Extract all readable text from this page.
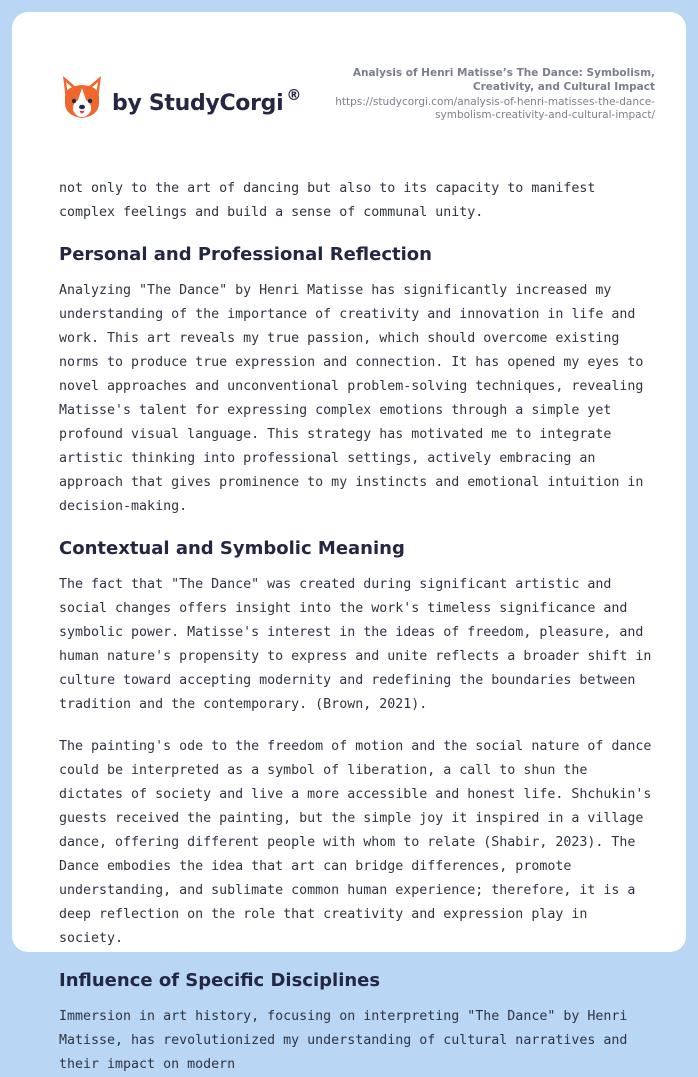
by StudyCorgi ®
Analysis of Henri Matisse’s The Dance: Symbolism, Creativity, and Cultural Impact
https://studycorgi.com/analysis-of-henri-matisses-the-dance-symbolism-creativity-and-cultural-impact/

not only to the art of dancing but also to its capacity to manifest complex feelings and build a sense of communal unity.

Personal and Professional Reflection

Analyzing "The Dance" by Henri Matisse has significantly increased my understanding of the importance of creativity and innovation in life and work. This art reveals my true passion, which should overcome existing norms to produce true expression and connection. It has opened my eyes to novel approaches and unconventional problem-solving techniques, revealing Matisse's talent for expressing complex emotions through a simple yet profound visual language. This strategy has motivated me to integrate artistic thinking into professional settings, actively embracing an approach that gives prominence to my instincts and emotional intuition in decision-making.

Contextual and Symbolic Meaning

The fact that "The Dance" was created during significant artistic and social changes offers insight into the work's timeless significance and symbolic power. Matisse's interest in the ideas of freedom, pleasure, and human nature's propensity to express and unite reflects a broader shift in culture toward accepting modernity and redefining the boundaries between tradition and the contemporary. (Brown, 2021).

The painting's ode to the freedom of motion and the social nature of dance could be interpreted as a symbol of liberation, a call to shun the dictates of society and live a more accessible and honest life. Shchukin's guests received the painting, but the simple joy it inspired in a village dance, offering different people with whom to relate (Shabir, 2023). The Dance embodies the idea that art can bridge differences, promote understanding, and sublimate common human experience; therefore, it is a deep reflection on the role that creativity and expression play in society.

Influence of Specific Disciplines

Immersion in art history, focusing on interpreting "The Dance" by Henri Matisse, has revolutionized my understanding of cultural narratives and their impact on modern
